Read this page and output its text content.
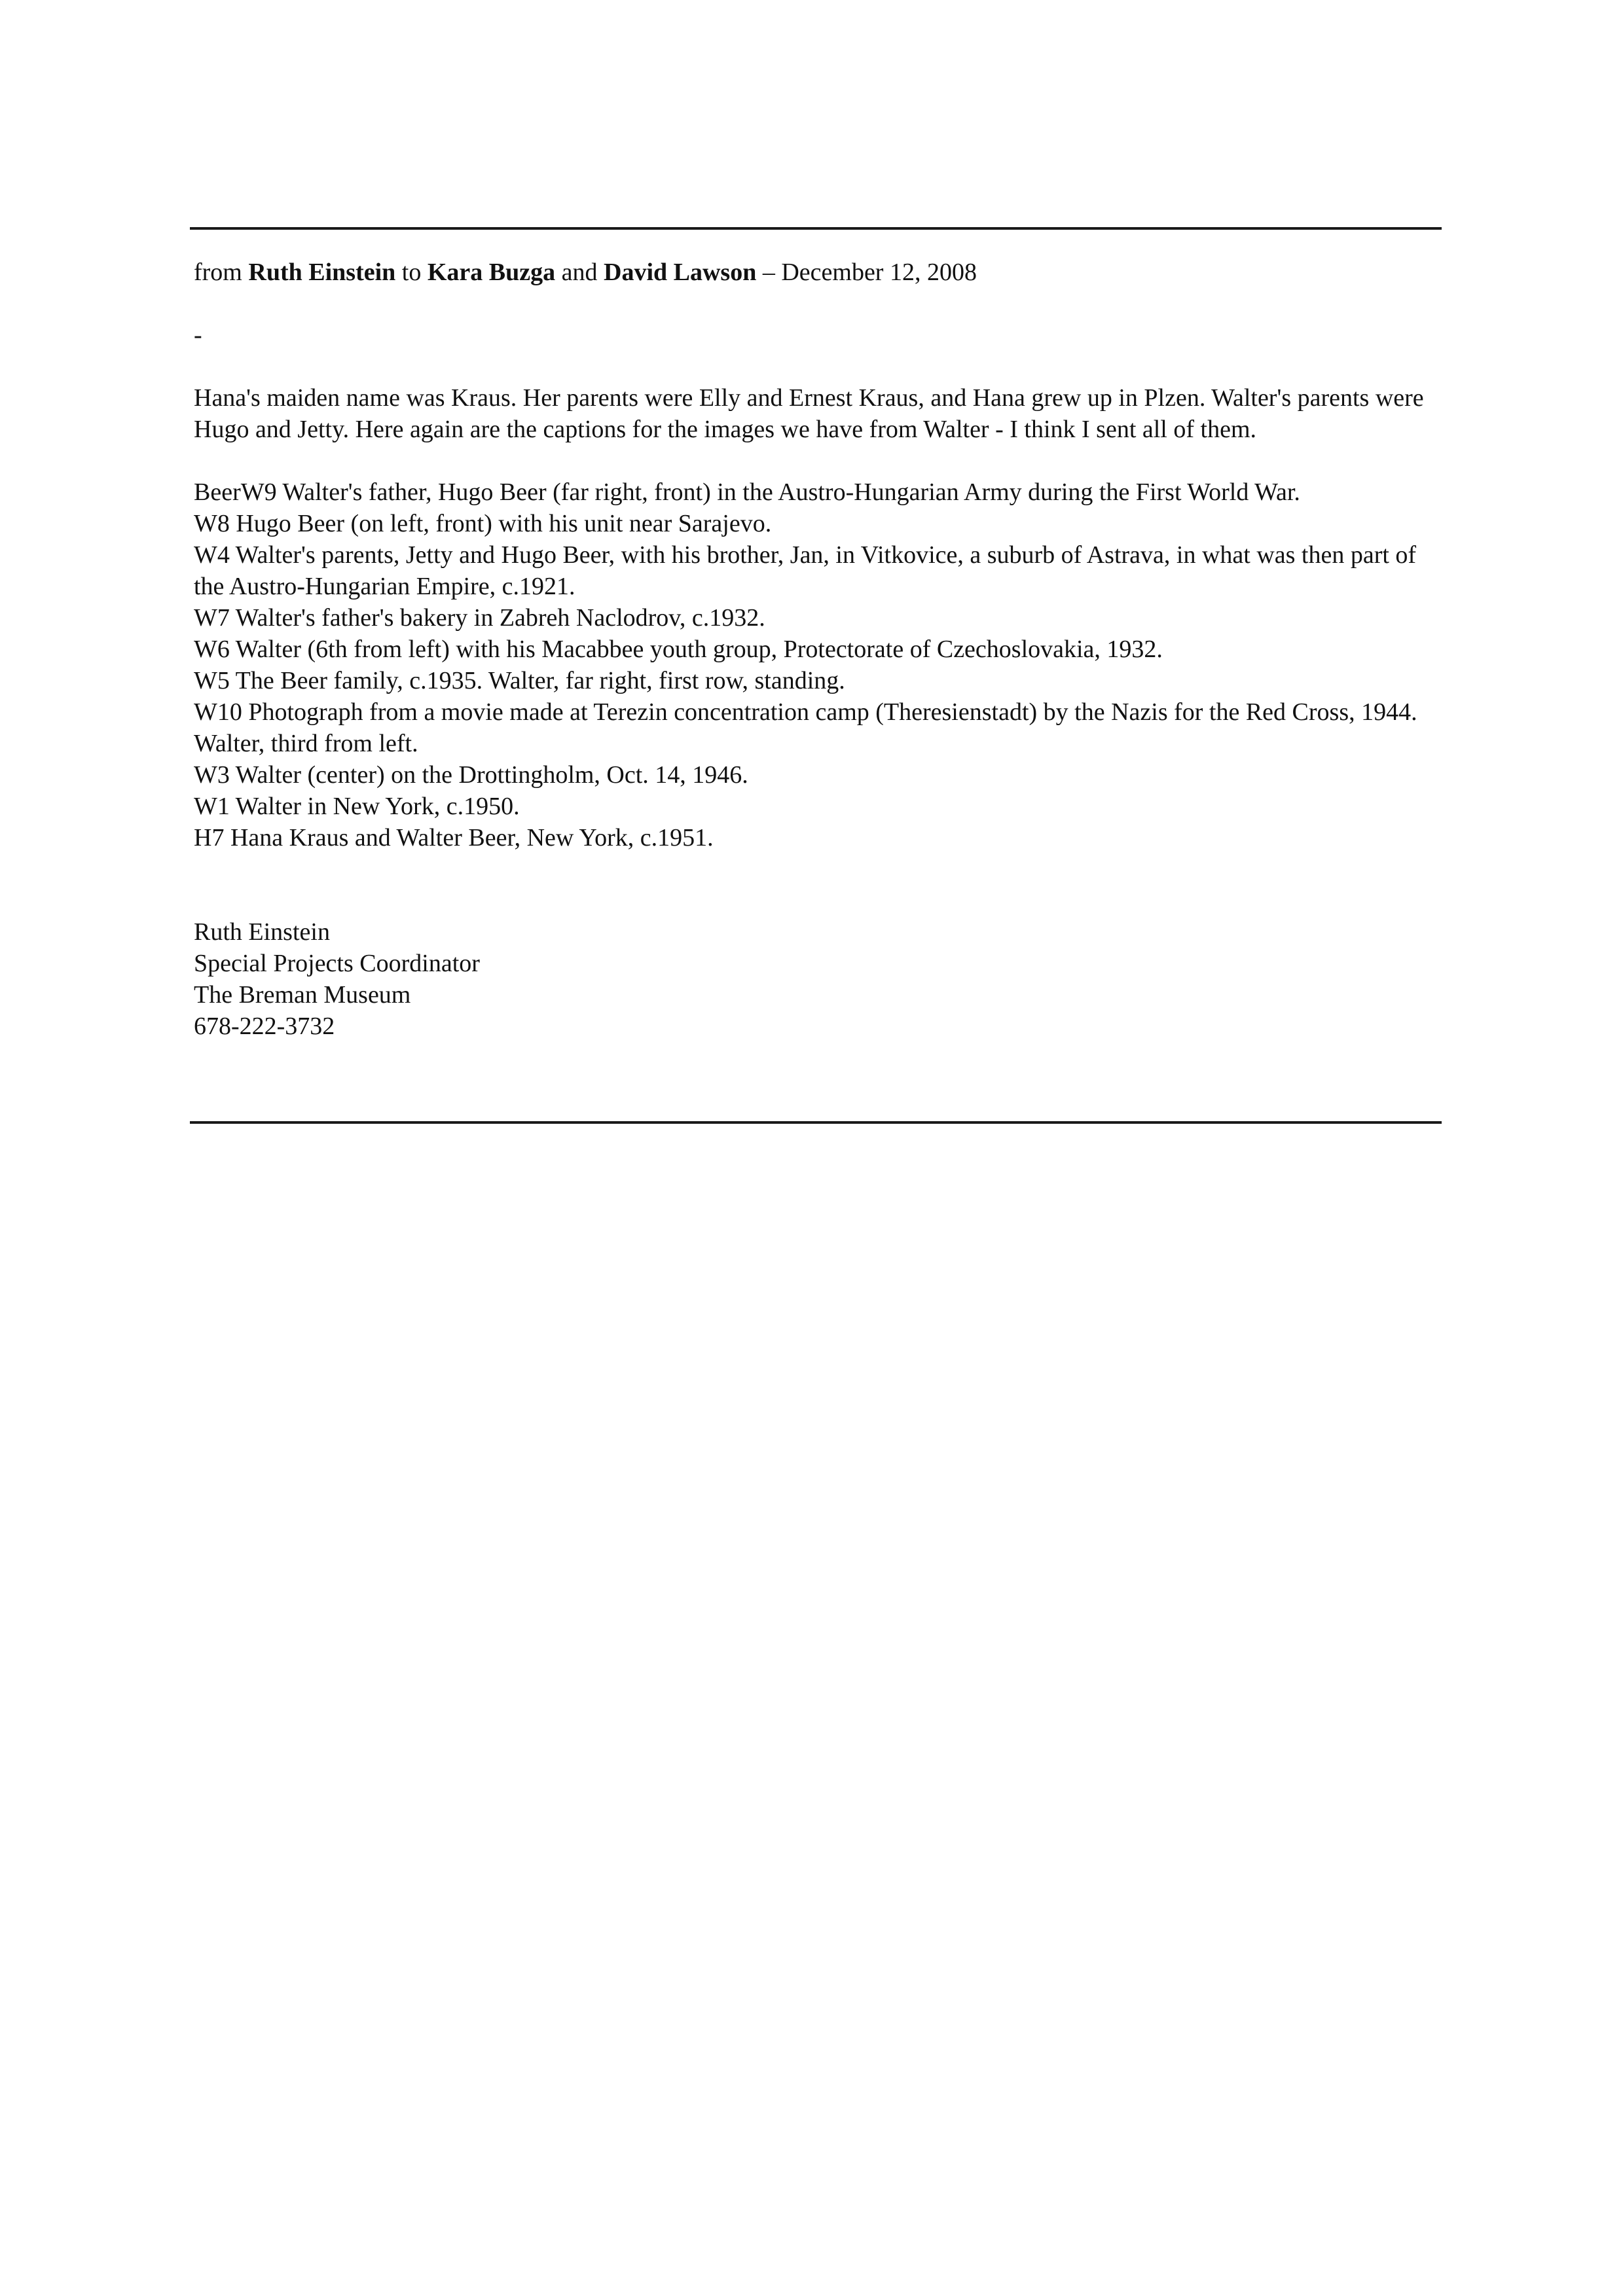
from Ruth Einstein to Kara Buzga and David Lawson – December 12, 2008

-

Hana's maiden name was Kraus. Her parents were Elly and Ernest Kraus, and Hana grew up in Plzen. Walter's parents were Hugo and Jetty. Here again are the captions for the images we have from Walter - I think I sent all of them.

BeerW9 Walter's father, Hugo Beer (far right, front) in the Austro-Hungarian Army during the First World War.

W8 Hugo Beer (on left, front) with his unit near Sarajevo.

W4 Walter's parents, Jetty and Hugo Beer, with his brother, Jan, in Vitkovice, a suburb of Astrava, in what was then part of the Austro-Hungarian Empire, c.1921.

W7 Walter's father's bakery in Zabreh Naclodrov, c.1932.

W6 Walter (6th from left) with his Macabbee youth group, Protectorate of Czechoslovakia, 1932.

W5 The Beer family, c.1935. Walter, far right, first row, standing.

W10 Photograph from a movie made at Terezin concentration camp (Theresienstadt) by the Nazis for the Red Cross, 1944. Walter, third from left.

W3 Walter (center) on the Drottingholm, Oct. 14, 1946.

W1 Walter in New York, c.1950.

H7 Hana Kraus and Walter Beer, New York, c.1951.

Ruth Einstein

Special Projects Coordinator

The Breman Museum

678-222-3732
